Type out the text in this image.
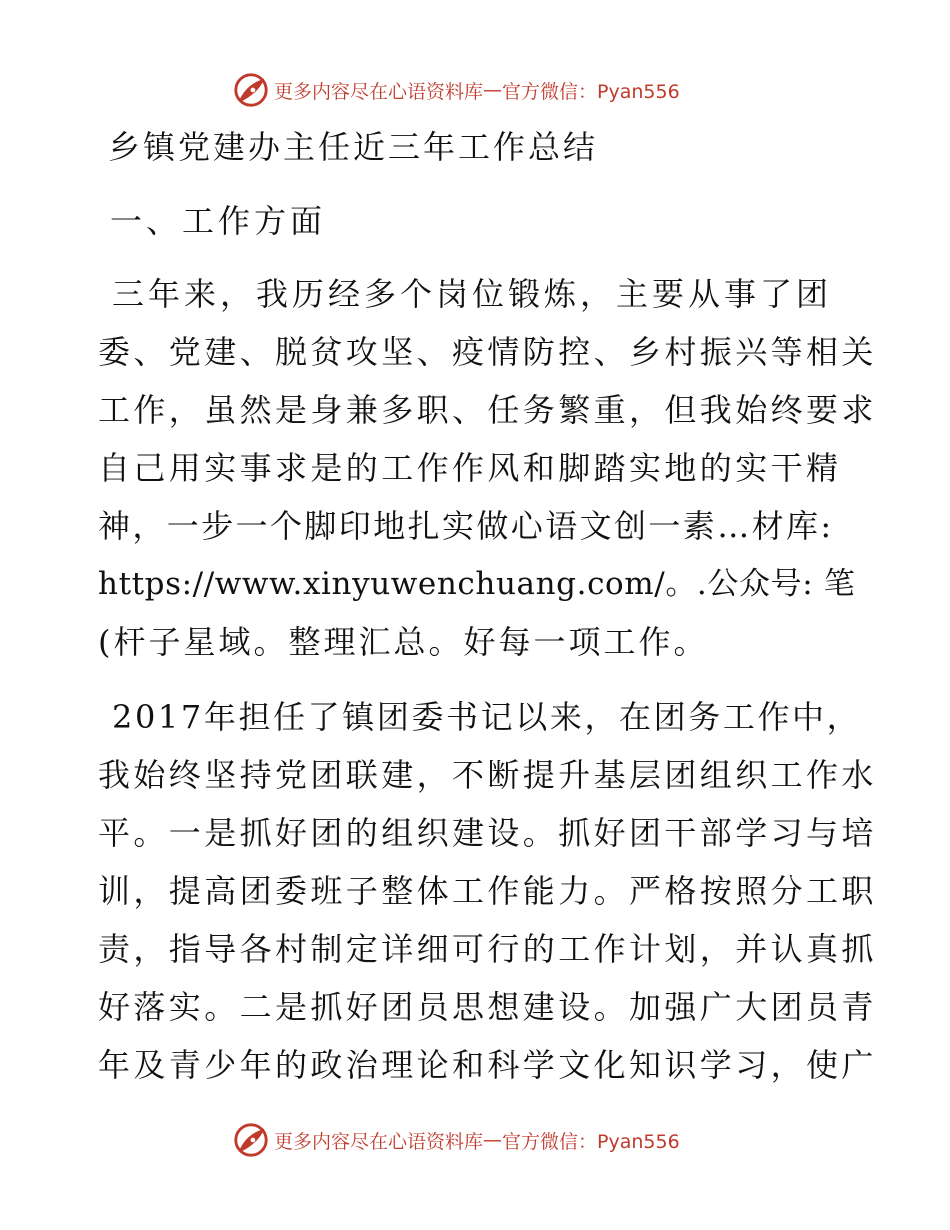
更多内容尽在心语资料库 — 官方微信：Pyan556
乡镇党建办主任近三年工作总结
一、工作方面
三年来，我历经多个岗位锻炼，主要从事了团
委、党建、脱贫攻坚、疫情防控、乡村振兴等相关
工作，虽然是身兼多职、任务繁重，但我始终要求
自己用实事求是的工作作风和脚踏实地的实干精
神，一步一个脚印地扎实做心语文创一素…材库:
https://www.xinyuwenchuang.com/。.公众号: 笔
(杆子星域。整理汇总。好每一项工作。
2017年担任了镇团委书记以来，在团务工作中，
我始终坚持党团联建，不断提升基层团组织工作水
平。一是抓好团的组织建设。抓好团干部学习与培
训，提高团委班子整体工作能力。严格按照分工职
责，指导各村制定详细可行的工作计划，并认真抓
好落实。二是抓好团员思想建设。加强广大团员青
年及青少年的政治理论和科学文化知识学习，使广
更多内容尽在心语资料库 — 官方微信：Pyan556
